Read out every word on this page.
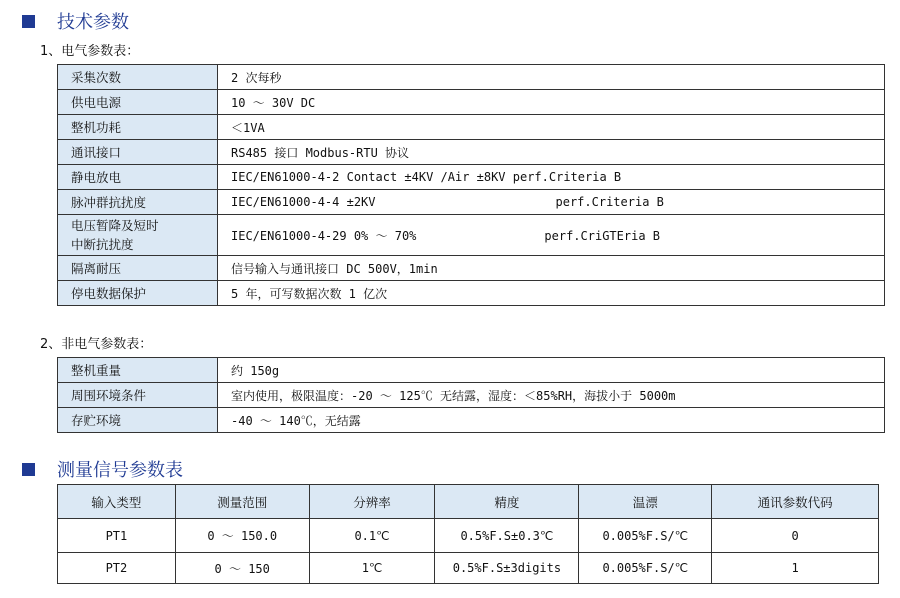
技术参数
1、电气参数表：
采集次数	2 次每秒
供电电源	10 ～ 30V DC
整机功耗	＜1VA
通讯接口	RS485 接口 Modbus-RTU 协议
静电放电	IEC/EN61000-4-2 Contact ±4KV /Air ±8KV perf.Criteria B
脉冲群抗扰度	IEC/EN61000-4-4 ±2KV perf.Criteria B
电压暂降及短时
中断抗扰度	IEC/EN61000-4-29 0% ～ 70% perf.CriGTEria B
隔离耐压	信号输入与通讯接口 DC 500V，1min
停电数据保护	5 年，可写数据次数 1 亿次
2、非电气参数表：
整机重量	约 150g
周围环境条件	室内使用，极限温度：-20 ～ 125℃ 无结露，湿度：＜85%RH，海拔小于 5000m
存贮环境	-40 ～ 140℃，无结露
测量信号参数表
输入类型	测量范围	分辨率	精度	温漂	通讯参数代码
PT1	0 ～ 150.0	0.1℃	0.5%F.S±0.3℃	0.005%F.S/℃	0
PT2	0 ～ 150	1℃	0.5%F.S±3digits	0.005%F.S/℃	1
